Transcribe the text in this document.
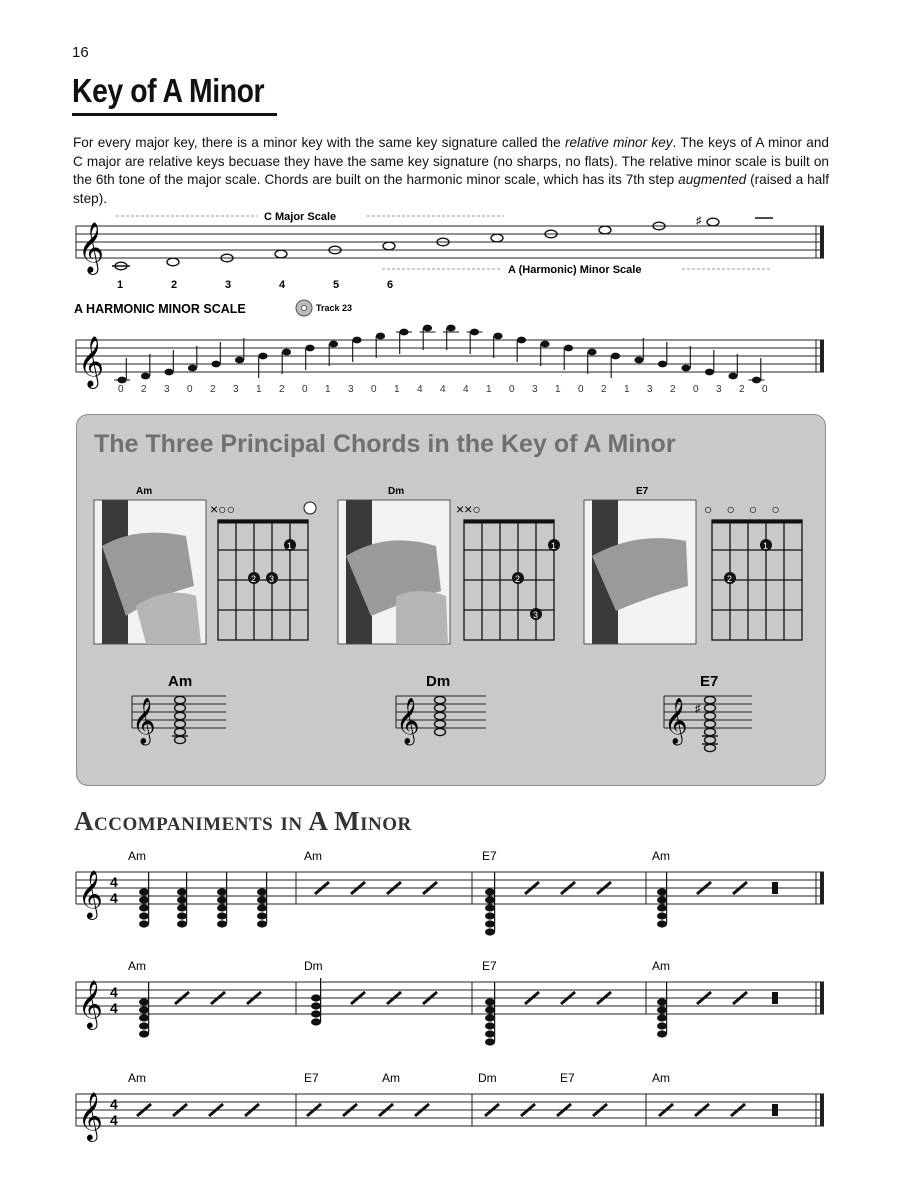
16
Key of A Minor
For every major key, there is a minor key with the same key signature called the relative minor key. The keys of A minor and C major are relative keys becuase they have the same key signature (no sharps, no flats). The relative minor scale is built on the 6th tone of the major scale. Chords are built on the harmonic minor scale, which has its 7th step augmented (raised a half step).
𝄞
C Major Scale
A (Harmonic) Minor Scale
♯
1	2	3	4	5	6
A HARMONIC MINOR SCALE	Track 23
𝄞
0 2 3 0 2 3 1 2 0 1 3 0 1 4 4 4 1 0 3 1 0 2 1 3 2 0 3 2 0
The Three Principal Chords in the Key of A Minor
Am
×○○
1
2 3
Dm
××○
1
2
3
E7
○○○○
1
2
Am	Dm	E7
𝄞	𝄞	𝄞 ♯
Accompaniments in A Minor
Am	Am	E7	Am
𝄞 4
4
Am	Dm	E7	Am
𝄞 4
4
Am	E7	Am	Dm	E7	Am
𝄞 4
4
